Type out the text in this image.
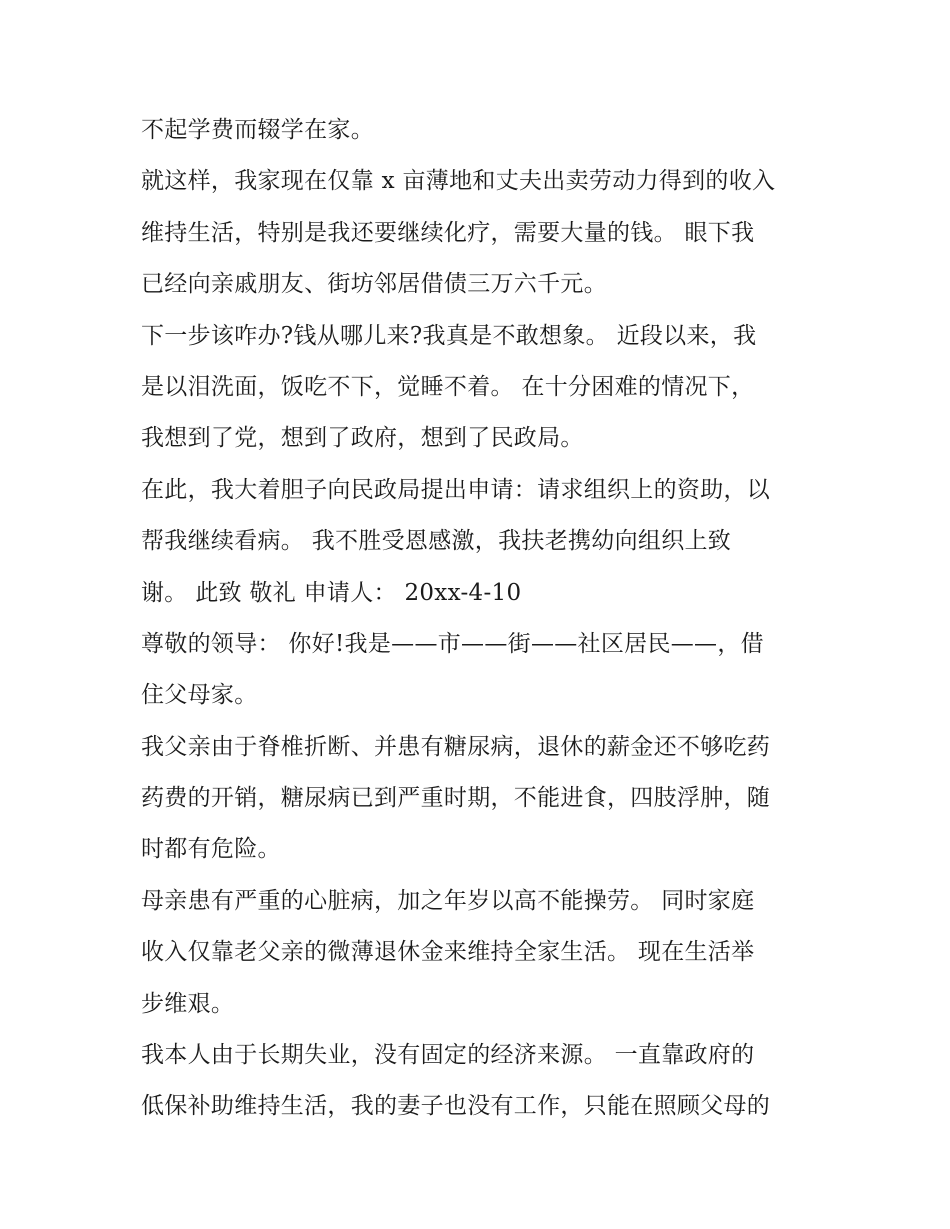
不起学费而辍学在家。
就这样，我家现在仅靠 x 亩薄地和丈夫出卖劳动力得到的收入
维持生活，特别是我还要继续化疗，需要大量的钱。 眼下我
已经向亲戚朋友、街坊邻居借债三万六千元。
下一步该咋办?钱从哪儿来?我真是不敢想象。 近段以来，我
是以泪洗面，饭吃不下，觉睡不着。 在十分困难的情况下，
我想到了党，想到了政府，想到了民政局。
在此，我大着胆子向民政局提出申请：请求组织上的资助，以
帮我继续看病。 我不胜受恩感激，我扶老携幼向组织上致
谢。 此致 敬礼 申请人： 20xx-4-10
尊敬的领导： 你好!我是——市——街——社区居民——，借
住父母家。
我父亲由于脊椎折断、并患有糖尿病，退休的薪金还不够吃药
药费的开销，糖尿病已到严重时期，不能进食，四肢浮肿，随
时都有危险。
母亲患有严重的心脏病，加之年岁以高不能操劳。 同时家庭
收入仅靠老父亲的微薄退休金来维持全家生活。 现在生活举
步维艰。
我本人由于长期失业，没有固定的经济来源。 一直靠政府的
低保补助维持生活，我的妻子也没有工作，只能在照顾父母的
